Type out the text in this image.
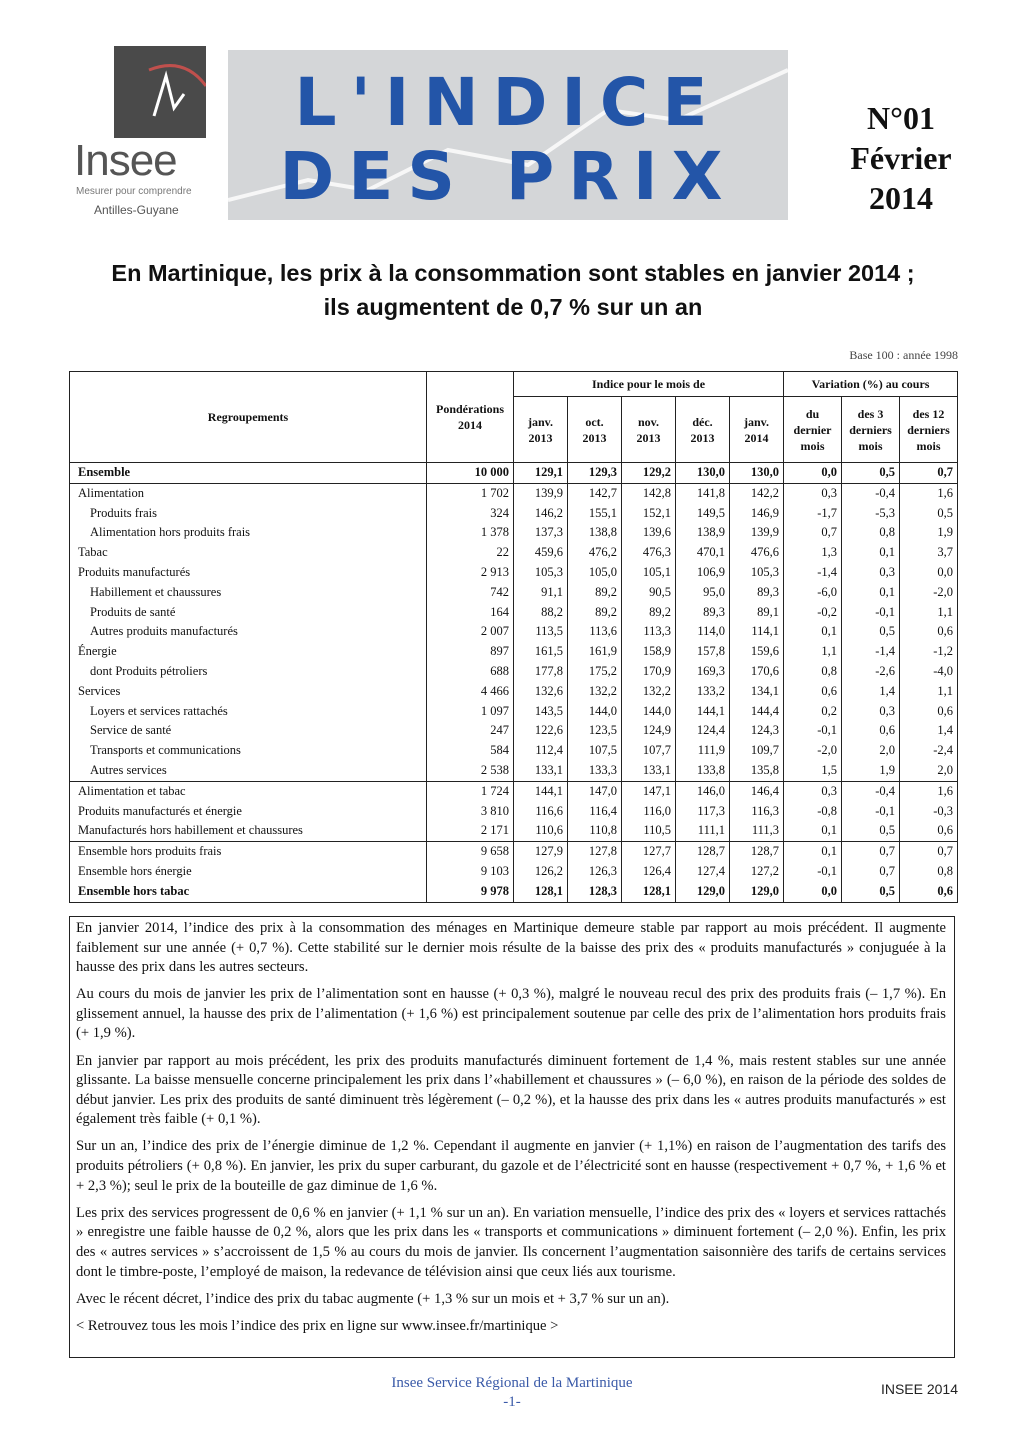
Insee
Mesurer pour comprendre
Antilles-Guyane
L'INDICE
DES PRIX
N°01
Février
2014
En Martinique, les prix à la consommation sont stables en janvier 2014 ;
ils augmentent de 0,7 % sur un an
Base 100 : année 1998
Regroupements	Pondérations 2014	Indice pour le mois de					Variation (%) au cours		
		janv. 2013	oct. 2013	nov. 2013	déc. 2013	janv. 2014	du dernier mois	des 3 derniers mois	des 12 derniers mois
Ensemble	10 000	129,1	129,3	129,2	130,0	130,0	0,0	0,5	0,7
Alimentation	1 702	139,9	142,7	142,8	141,8	142,2	0,3	-0,4	1,6
Produits frais	324	146,2	155,1	152,1	149,5	146,9	-1,7	-5,3	0,5
Alimentation hors produits frais	1 378	137,3	138,8	139,6	138,9	139,9	0,7	0,8	1,9
Tabac	22	459,6	476,2	476,3	470,1	476,6	1,3	0,1	3,7
Produits manufacturés	2 913	105,3	105,0	105,1	106,9	105,3	-1,4	0,3	0,0
Habillement et chaussures	742	91,1	89,2	90,5	95,0	89,3	-6,0	0,1	-2,0
Produits de santé	164	88,2	89,2	89,2	89,3	89,1	-0,2	-0,1	1,1
Autres produits manufacturés	2 007	113,5	113,6	113,3	114,0	114,1	0,1	0,5	0,6
Énergie	897	161,5	161,9	158,9	157,8	159,6	1,1	-1,4	-1,2
dont Produits pétroliers	688	177,8	175,2	170,9	169,3	170,6	0,8	-2,6	-4,0
Services	4 466	132,6	132,2	132,2	133,2	134,1	0,6	1,4	1,1
Loyers et services rattachés	1 097	143,5	144,0	144,0	144,1	144,4	0,2	0,3	0,6
Service de santé	247	122,6	123,5	124,9	124,4	124,3	-0,1	0,6	1,4
Transports et communications	584	112,4	107,5	107,7	111,9	109,7	-2,0	2,0	-2,4
Autres services	2 538	133,1	133,3	133,1	133,8	135,8	1,5	1,9	2,0
Alimentation et tabac	1 724	144,1	147,0	147,1	146,0	146,4	0,3	-0,4	1,6
Produits manufacturés et énergie	3 810	116,6	116,4	116,0	117,3	116,3	-0,8	-0,1	-0,3
Manufacturés hors habillement et chaussures	2 171	110,6	110,8	110,5	111,1	111,3	0,1	0,5	0,6
Ensemble hors produits frais	9 658	127,9	127,8	127,7	128,7	128,7	0,1	0,7	0,7
Ensemble hors énergie	9 103	126,2	126,3	126,4	127,4	127,2	-0,1	0,7	0,8
Ensemble hors tabac	9 978	128,1	128,3	128,1	129,0	129,0	0,0	0,5	0,6

En janvier 2014, l’indice des prix à la consommation des ménages en Martinique demeure stable par rapport au mois précédent. Il augmente faiblement sur une année (+ 0,7 %). Cette stabilité sur le dernier mois résulte de la baisse des prix des « produits manufacturés » conjuguée à la hausse des prix dans les autres secteurs.

Au cours du mois de janvier les prix de l’alimentation sont en hausse (+ 0,3 %), malgré le nouveau recul des prix des produits frais (– 1,7 %). En glissement annuel, la hausse des prix de l’alimentation (+ 1,6 %) est principalement soutenue par celle des prix de l’alimentation hors produits frais (+ 1,9 %).

En janvier par rapport au mois précédent, les prix des produits manufacturés diminuent fortement de 1,4 %, mais restent stables sur une année glissante. La baisse mensuelle concerne principalement les prix dans l’«habillement et chaussures » (– 6,0 %), en raison de la période des soldes de début janvier. Les prix des produits de santé diminuent très légèrement (– 0,2 %), et la hausse des prix dans les « autres produits manufacturés » est également très faible (+ 0,1 %).

Sur un an, l’indice des prix de l’énergie diminue de 1,2 %. Cependant il augmente en janvier (+ 1,1%) en raison de l’augmentation des tarifs des produits pétroliers (+ 0,8 %). En janvier, les prix du super carburant, du gazole et de l’électricité sont en hausse (respectivement + 0,7 %, + 1,6 % et + 2,3 %); seul le prix de la bouteille de gaz diminue de 1,6 %.

Les prix des services progressent de 0,6 % en janvier (+ 1,1 % sur un an). En variation mensuelle, l’indice des prix des « loyers et services rattachés » enregistre une faible hausse de 0,2 %, alors que les prix dans les « transports et communications » diminuent fortement (– 2,0 %). Enfin, les prix des « autres services » s’accroissent de 1,5 % au cours du mois de janvier. Ils concernent l’augmentation saisonnière des tarifs de certains services dont le timbre-poste, l’employé de maison, la redevance de télévision ainsi que ceux liés aux tourisme.

Avec le récent décret, l’indice des prix du tabac augmente (+ 1,3 % sur un mois et + 3,7 % sur un an).

< Retrouvez tous les mois l’indice des prix en ligne sur www.insee.fr/martinique >

Insee Service Régional de la Martinique
-1-
INSEE 2014
